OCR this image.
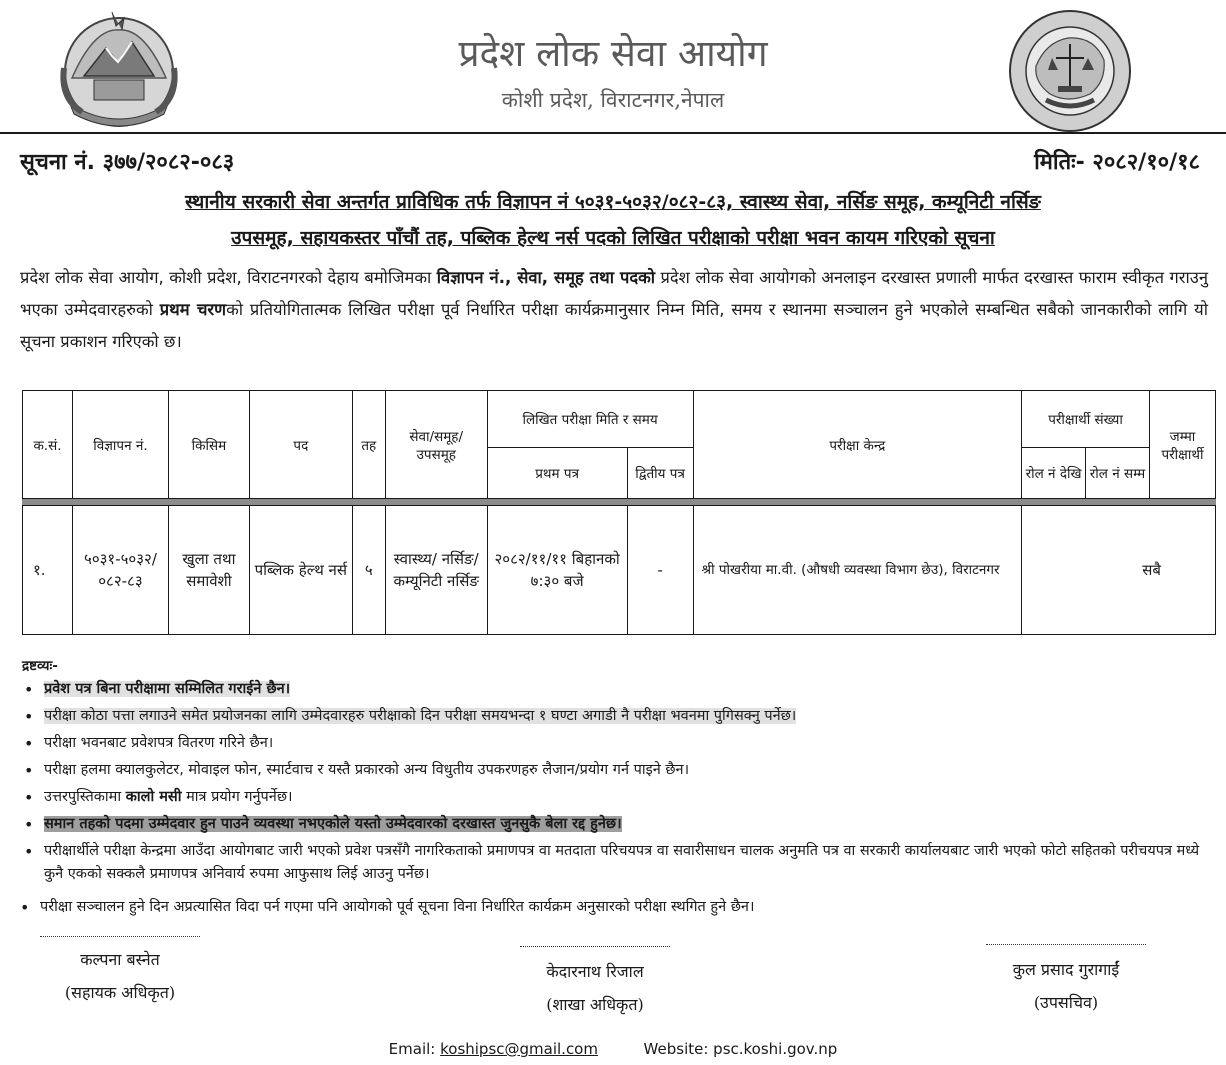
प्रदेश लोक सेवा आयोग
कोशी प्रदेश, विराटनगर,नेपाल
सूचना नं. ३७७/२०८२-०८३	मितिः- २०८२/१०/१८
स्थानीय सरकारी सेवा अन्तर्गत प्राविधिक तर्फ विज्ञापन नं ५०३१-५०३२/०८२-८३, स्वास्थ्य सेवा, नर्सिङ समूह, कम्यूनिटी नर्सिङ
उपसमूह, सहायकस्तर पाँचौं तह, पब्लिक हेल्थ नर्स पदको लिखित परीक्षाको परीक्षा भवन कायम गरिएको सूचना
प्रदेश लोक सेवा आयोग, कोशी प्रदेश, विराटनगरको देहाय बमोजिमका विज्ञापन नं., सेवा, समूह तथा पदको प्रदेश लोक सेवा आयोगको अनलाइन दरखास्त प्रणाली मार्फत दरखास्त फाराम स्वीकृत गराउनु भएका उम्मेदवारहरुको प्रथम चरणको प्रतियोगितात्मक लिखित परीक्षा पूर्व निर्धारित परीक्षा कार्यक्रमानुसार निम्न मिति, समय र स्थानमा सञ्चालन हुने भएकोले सम्बन्धित सबैको जानकारीको लागि यो सूचना प्रकाशन गरिएको छ।
क.सं.	विज्ञापन नं.	किसिम	पद	तह	सेवा/समूह/ उपसमूह	लिखित परीक्षा मिति र समय		परीक्षा केन्द्र	परीक्षार्थी संख्या		जम्मा परीक्षार्थी
						प्रथम पत्र	द्वितीय पत्र		रोल नं देखि	रोल नं सम्म	

१.	५०३१-५०३२/ ०८२-८३	खुला तथा समावेशी	पब्लिक हेल्थ नर्स	५	स्वास्थ्य/ नर्सिङ/ कम्यूनिटी नर्सिङ	२०८२/११/११ बिहानको ७:३० बजे	-	श्री पोखरीया मा.वी. (औषधी व्यवस्था विभाग छेउ), विराटनगर	सबै		
द्रष्टव्यः-
• प्रवेश पत्र बिना परीक्षामा सम्मिलित गराईने छैन।
• परीक्षा कोठा पत्ता लगाउने समेत प्रयोजनका लागि उम्मेदवारहरु परीक्षाको दिन परीक्षा समयभन्दा १ घण्टा अगाडी नै परीक्षा भवनमा पुगिसक्नु पर्नेछ।
• परीक्षा भवनबाट प्रवेशपत्र वितरण गरिने छैन।
• परीक्षा हलमा क्यालकुलेटर, मोवाइल फोन, स्मार्टवाच र यस्तै प्रकारको अन्य विधुतीय उपकरणहरु लैजान/प्रयोग गर्न पाइने छैन।
• उत्तरपुस्तिकामा कालो मसी मात्र प्रयोग गर्नुपर्नेछ।
• समान तहको पदमा उम्मेदवार हुन पाउने व्यवस्था नभएकोले यस्तो उम्मेदवारको दरखास्त जुनसुकै बेला रद्द हुनेछ।
• परीक्षार्थीले परीक्षा केन्द्रमा आउँदा आयोगबाट जारी भएको प्रवेश पत्रसँगै नागरिकताको प्रमाणपत्र वा मतदाता परिचयपत्र वा सवारीसाधन चालक अनुमति पत्र वा सरकारी कार्यालयबाट जारी भएको फोटो सहितको परीचयपत्र मध्ये कुनै एकको सक्कलै प्रमाणपत्र अनिवार्य रुपमा आफुसाथ लिई आउनु पर्नेछ।
• परीक्षा सञ्चालन हुने दिन अप्रत्यासित विदा पर्न गएमा पनि आयोगको पूर्व सूचना विना निर्धारित कार्यक्रम अनुसारको परीक्षा स्थगित हुने छैन।
कल्पना बस्नेत
(सहायक अधिकृत)
केदारनाथ रिजाल
(शाखा अधिकृत)
कुल प्रसाद गुरागाईं
(उपसचिव)
Email: koshipsc@gmail.com	Website: psc.koshi.gov.np
